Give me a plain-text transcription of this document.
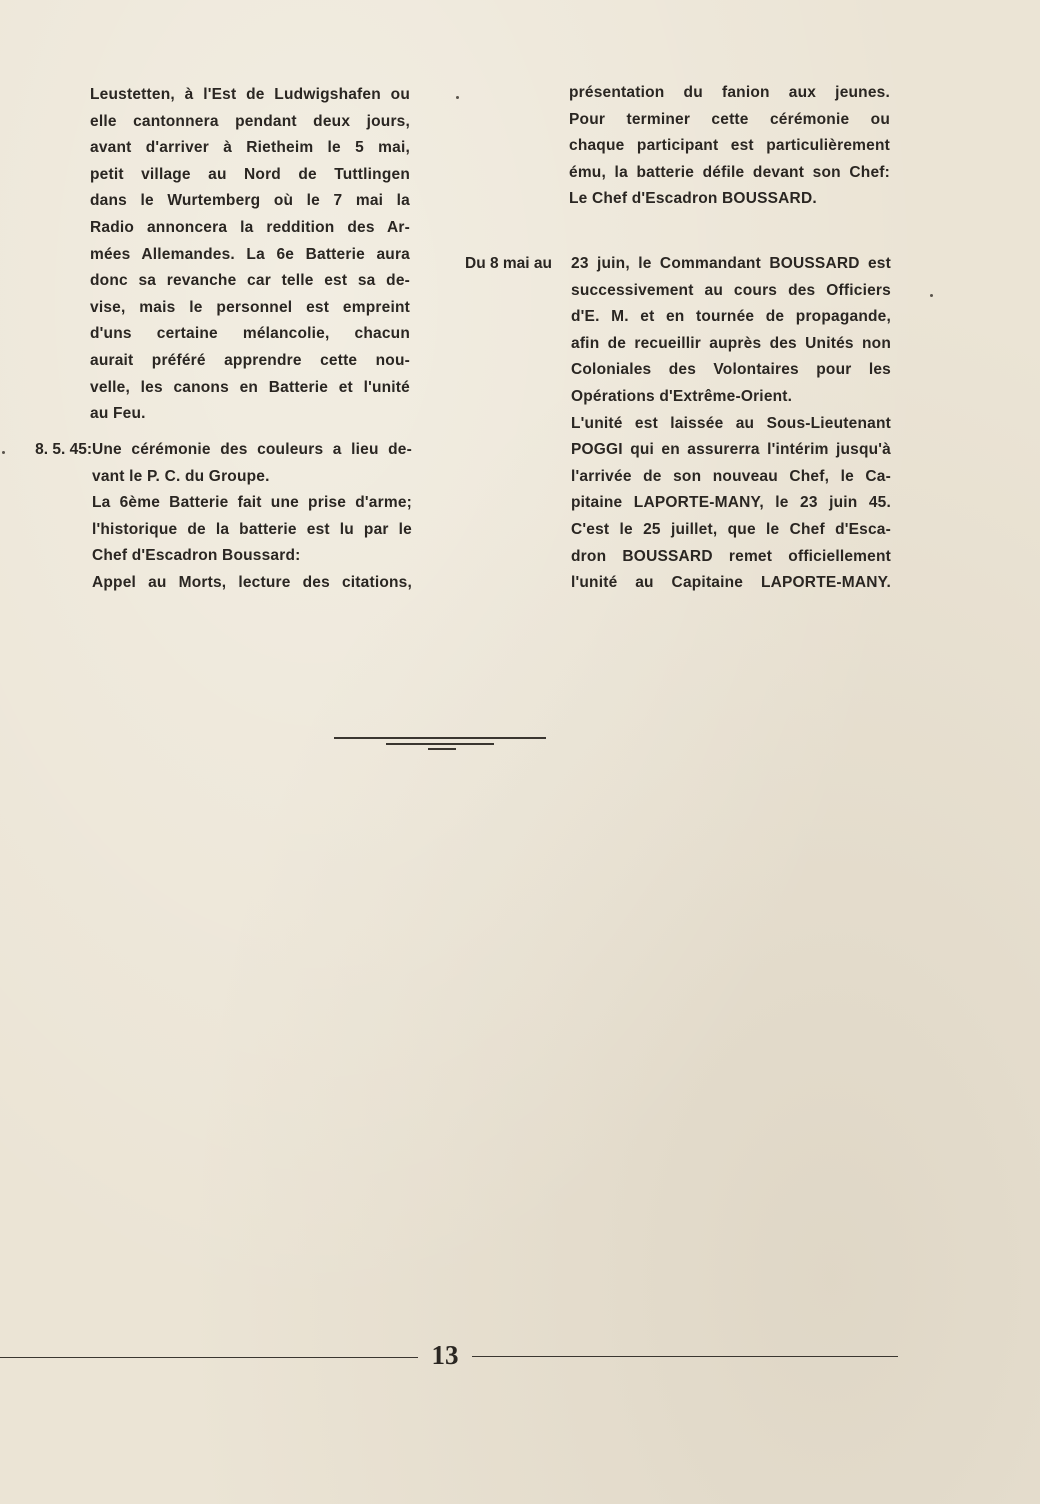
Leustetten, à l'Est de Ludwigshafen ou

elle cantonnera pendant deux jours,

avant d'arriver à Rietheim le 5 mai,

petit village au Nord de Tuttlingen

dans le Wurtemberg où le 7 mai la

Radio annoncera la reddition des Ar-

mées Allemandes. La 6e Batterie aura

donc sa revanche car telle est sa de-

vise, mais le personnel est empreint

d'uns certaine mélancolie, chacun

aurait préféré apprendre cette nou-

velle, les canons en Batterie et l'unité

au Feu.

8. 5. 45: Une cérémonie des couleurs a lieu de-

vant le P. C. du Groupe.

La 6ème Batterie fait une prise d'arme;

l'historique de la batterie est lu par le

Chef d'Escadron Boussard:

Appel au Morts, lecture des citations,

présentation du fanion aux jeunes.

Pour terminer cette cérémonie ou

chaque participant est particulièrement

ému, la batterie défile devant son Chef:

Le Chef d'Escadron BOUSSARD.

Du 8 mai au 23 juin, le Commandant BOUSSARD est

successivement au cours des Officiers

d'E. M. et en tournée de propagande,

afin de recueillir auprès des Unités non

Coloniales des Volontaires pour les

Opérations d'Extrême-Orient.

L'unité est laissée au Sous-Lieutenant

POGGI qui en assurerra l'intérim jusqu'à

l'arrivée de son nouveau Chef, le Ca-

pitaine LAPORTE-MANY, le 23 juin 45.

C'est le 25 juillet, que le Chef d'Esca-

dron BOUSSARD remet officiellement

l'unité au Capitaine LAPORTE-MANY.

13
